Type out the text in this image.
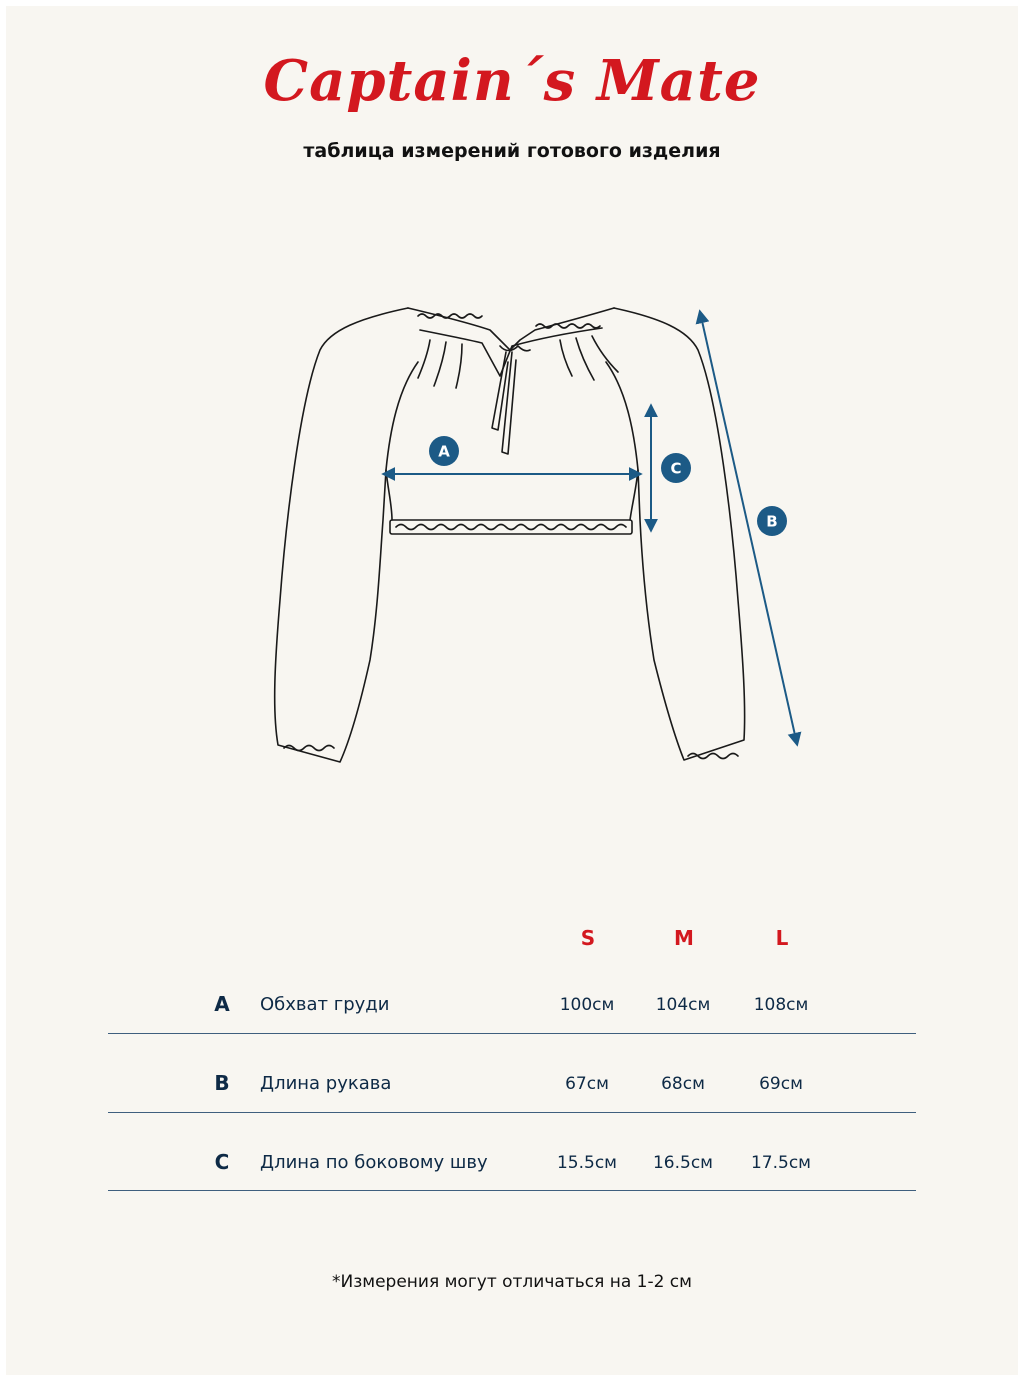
Captain´s Mate
таблица измерений готового изделия
A
C
B
S	M	L
A	Обхват груди	100см	104см	108см
B	Длина рукава	67см	68см	69см
C	Длина по боковому шву	15.5см	16.5см	17.5см
*Измерения могут отличаться на 1-2 см
